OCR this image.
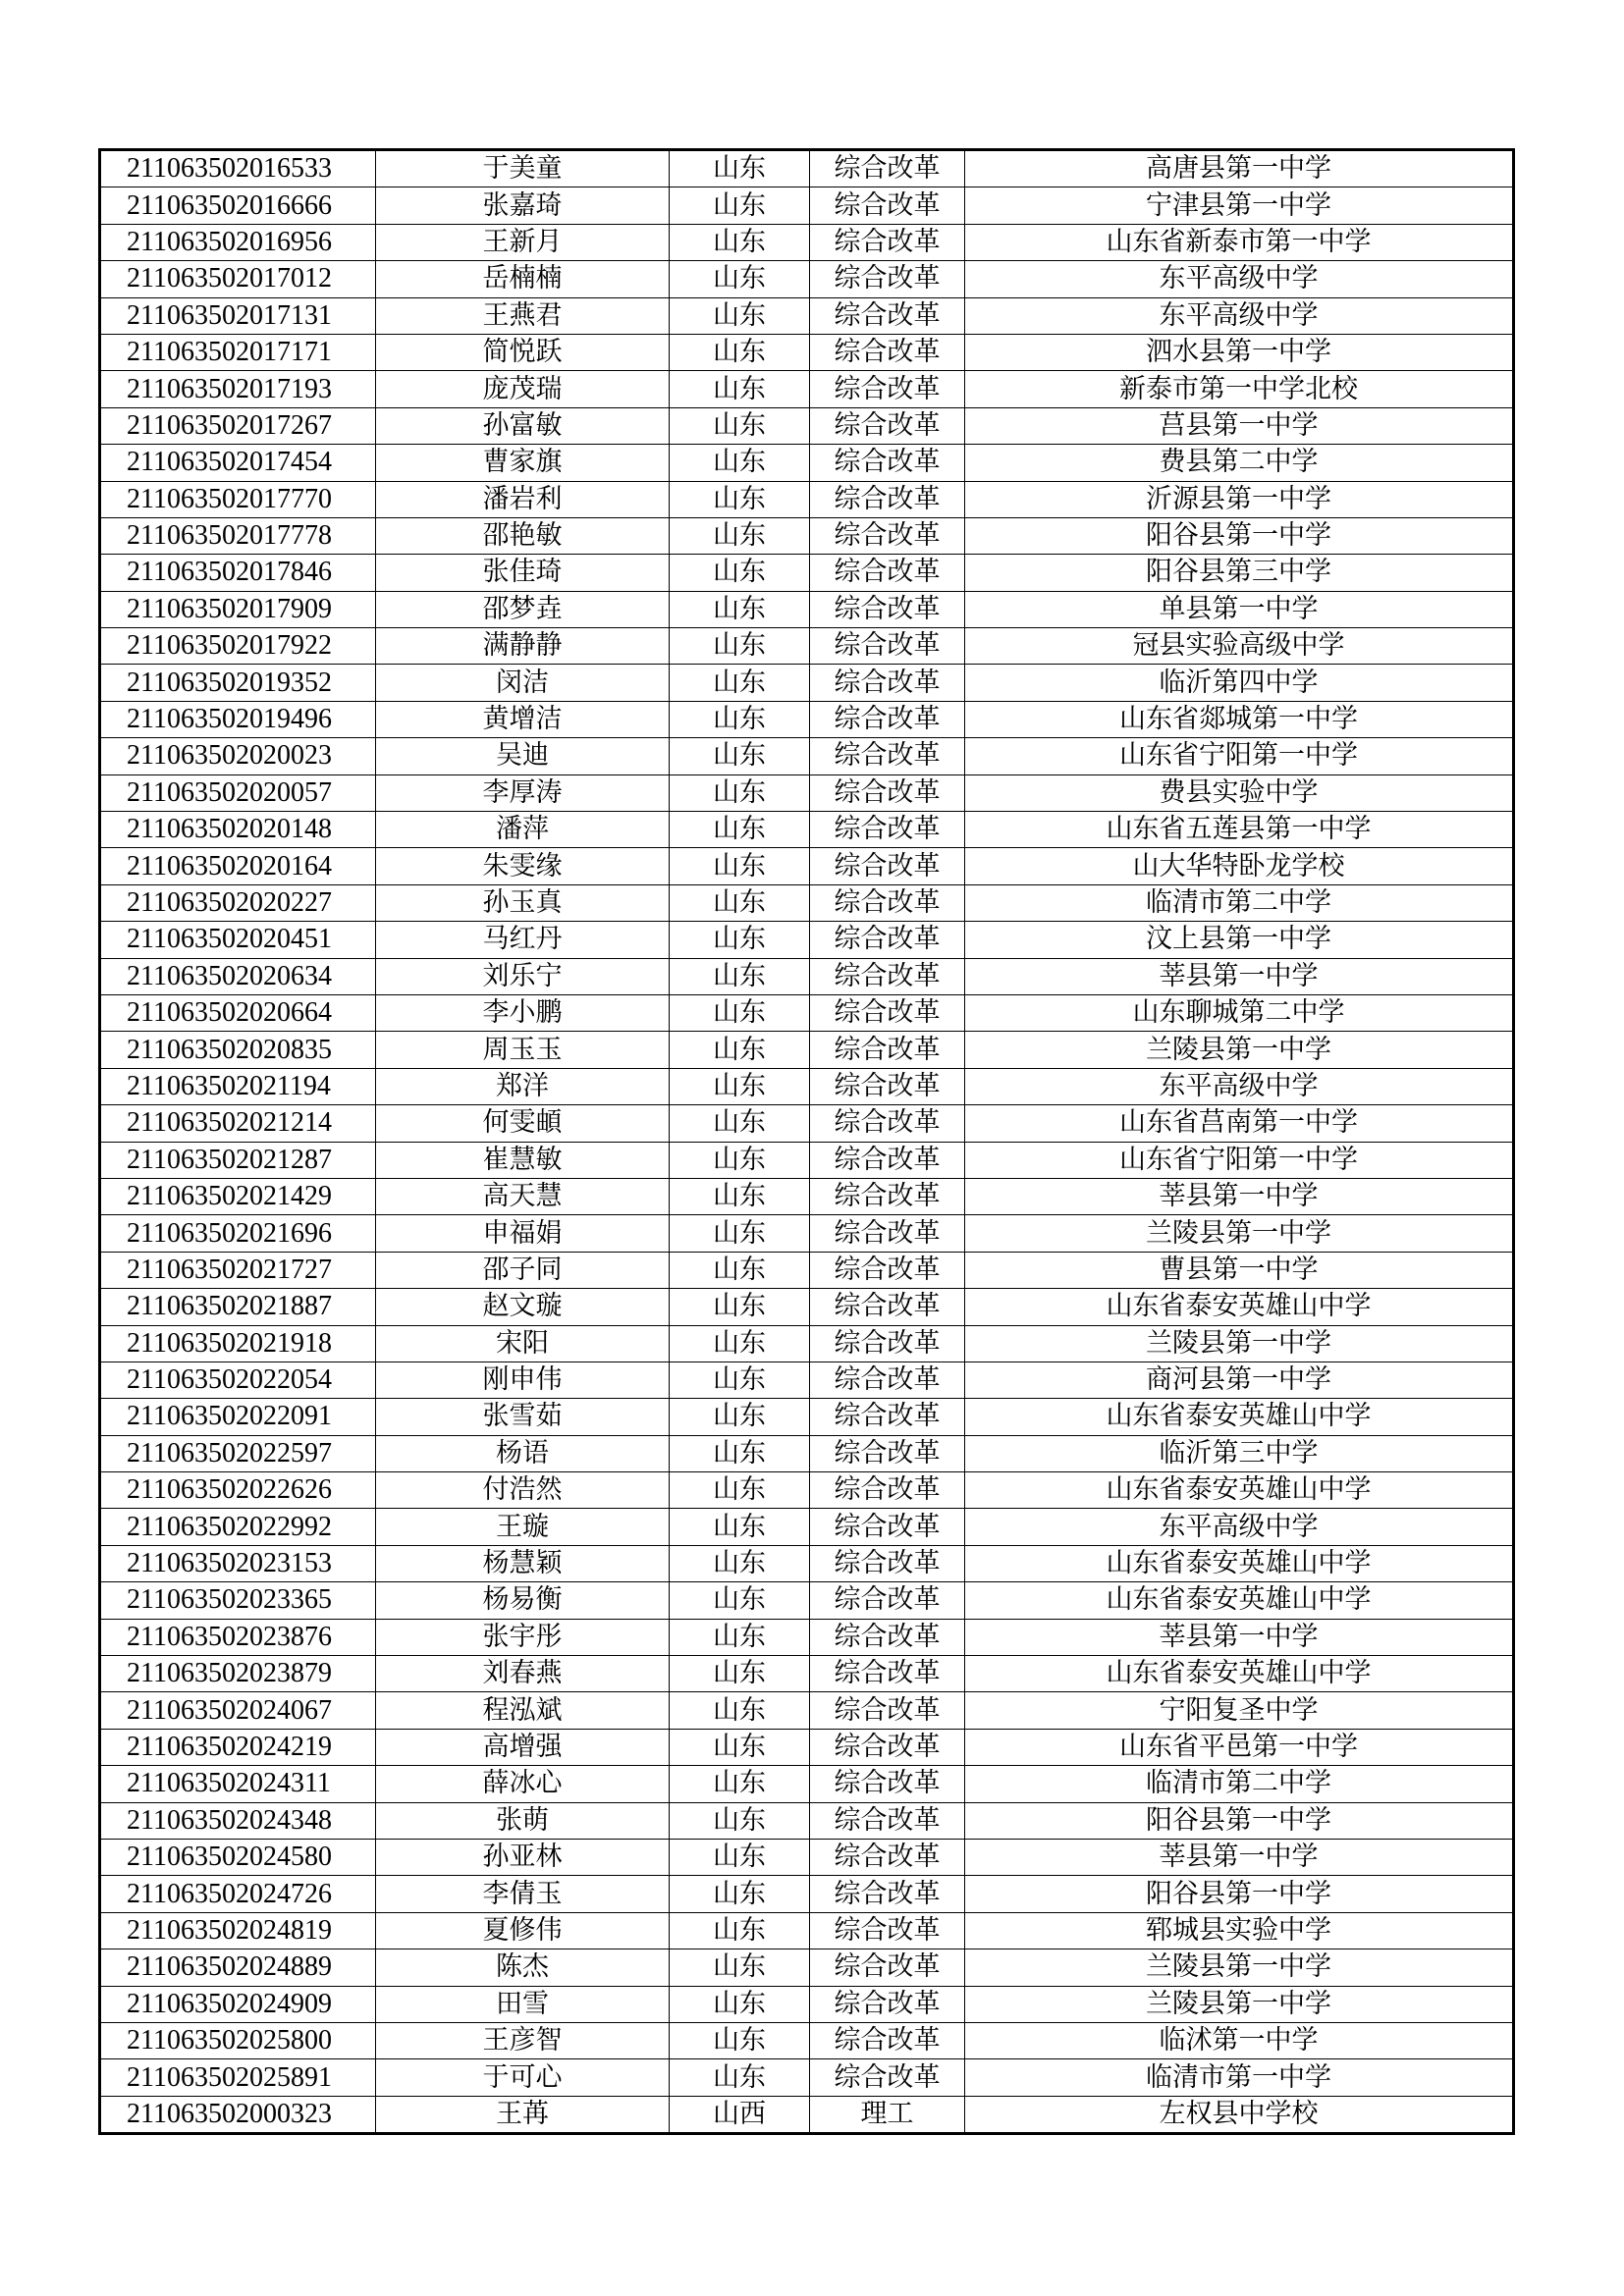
211063502016533	于美童	山东	综合改革	高唐县第一中学
211063502016666	张嘉琦	山东	综合改革	宁津县第一中学
211063502016956	王新月	山东	综合改革	山东省新泰市第一中学
211063502017012	岳楠楠	山东	综合改革	东平高级中学
211063502017131	王燕君	山东	综合改革	东平高级中学
211063502017171	简悦跃	山东	综合改革	泗水县第一中学
211063502017193	庞茂瑞	山东	综合改革	新泰市第一中学北校
211063502017267	孙富敏	山东	综合改革	莒县第一中学
211063502017454	曹家旗	山东	综合改革	费县第二中学
211063502017770	潘岩利	山东	综合改革	沂源县第一中学
211063502017778	邵艳敏	山东	综合改革	阳谷县第一中学
211063502017846	张佳琦	山东	综合改革	阳谷县第三中学
211063502017909	邵梦垚	山东	综合改革	单县第一中学
211063502017922	满静静	山东	综合改革	冠县实验高级中学
211063502019352	闵洁	山东	综合改革	临沂第四中学
211063502019496	黄增洁	山东	综合改革	山东省郯城第一中学
211063502020023	吴迪	山东	综合改革	山东省宁阳第一中学
211063502020057	李厚涛	山东	综合改革	费县实验中学
211063502020148	潘萍	山东	综合改革	山东省五莲县第一中学
211063502020164	朱雯缘	山东	综合改革	山大华特卧龙学校
211063502020227	孙玉真	山东	综合改革	临清市第二中学
211063502020451	马红丹	山东	综合改革	汶上县第一中学
211063502020634	刘乐宁	山东	综合改革	莘县第一中学
211063502020664	李小鹏	山东	综合改革	山东聊城第二中学
211063502020835	周玉玉	山东	综合改革	兰陵县第一中学
211063502021194	郑洋	山东	综合改革	东平高级中学
211063502021214	何雯頔	山东	综合改革	山东省莒南第一中学
211063502021287	崔慧敏	山东	综合改革	山东省宁阳第一中学
211063502021429	高天慧	山东	综合改革	莘县第一中学
211063502021696	申福娟	山东	综合改革	兰陵县第一中学
211063502021727	邵子同	山东	综合改革	曹县第一中学
211063502021887	赵文璇	山东	综合改革	山东省泰安英雄山中学
211063502021918	宋阳	山东	综合改革	兰陵县第一中学
211063502022054	刚申伟	山东	综合改革	商河县第一中学
211063502022091	张雪茹	山东	综合改革	山东省泰安英雄山中学
211063502022597	杨语	山东	综合改革	临沂第三中学
211063502022626	付浩然	山东	综合改革	山东省泰安英雄山中学
211063502022992	王璇	山东	综合改革	东平高级中学
211063502023153	杨慧颖	山东	综合改革	山东省泰安英雄山中学
211063502023365	杨易衡	山东	综合改革	山东省泰安英雄山中学
211063502023876	张宇彤	山东	综合改革	莘县第一中学
211063502023879	刘春燕	山东	综合改革	山东省泰安英雄山中学
211063502024067	程泓斌	山东	综合改革	宁阳复圣中学
211063502024219	高增强	山东	综合改革	山东省平邑第一中学
211063502024311	薛冰心	山东	综合改革	临清市第二中学
211063502024348	张萌	山东	综合改革	阳谷县第一中学
211063502024580	孙亚林	山东	综合改革	莘县第一中学
211063502024726	李倩玉	山东	综合改革	阳谷县第一中学
211063502024819	夏修伟	山东	综合改革	郓城县实验中学
211063502024889	陈杰	山东	综合改革	兰陵县第一中学
211063502024909	田雪	山东	综合改革	兰陵县第一中学
211063502025800	王彦智	山东	综合改革	临沭第一中学
211063502025891	于可心	山东	综合改革	临清市第一中学
211063502000323	王苒	山西	理工	左权县中学校
